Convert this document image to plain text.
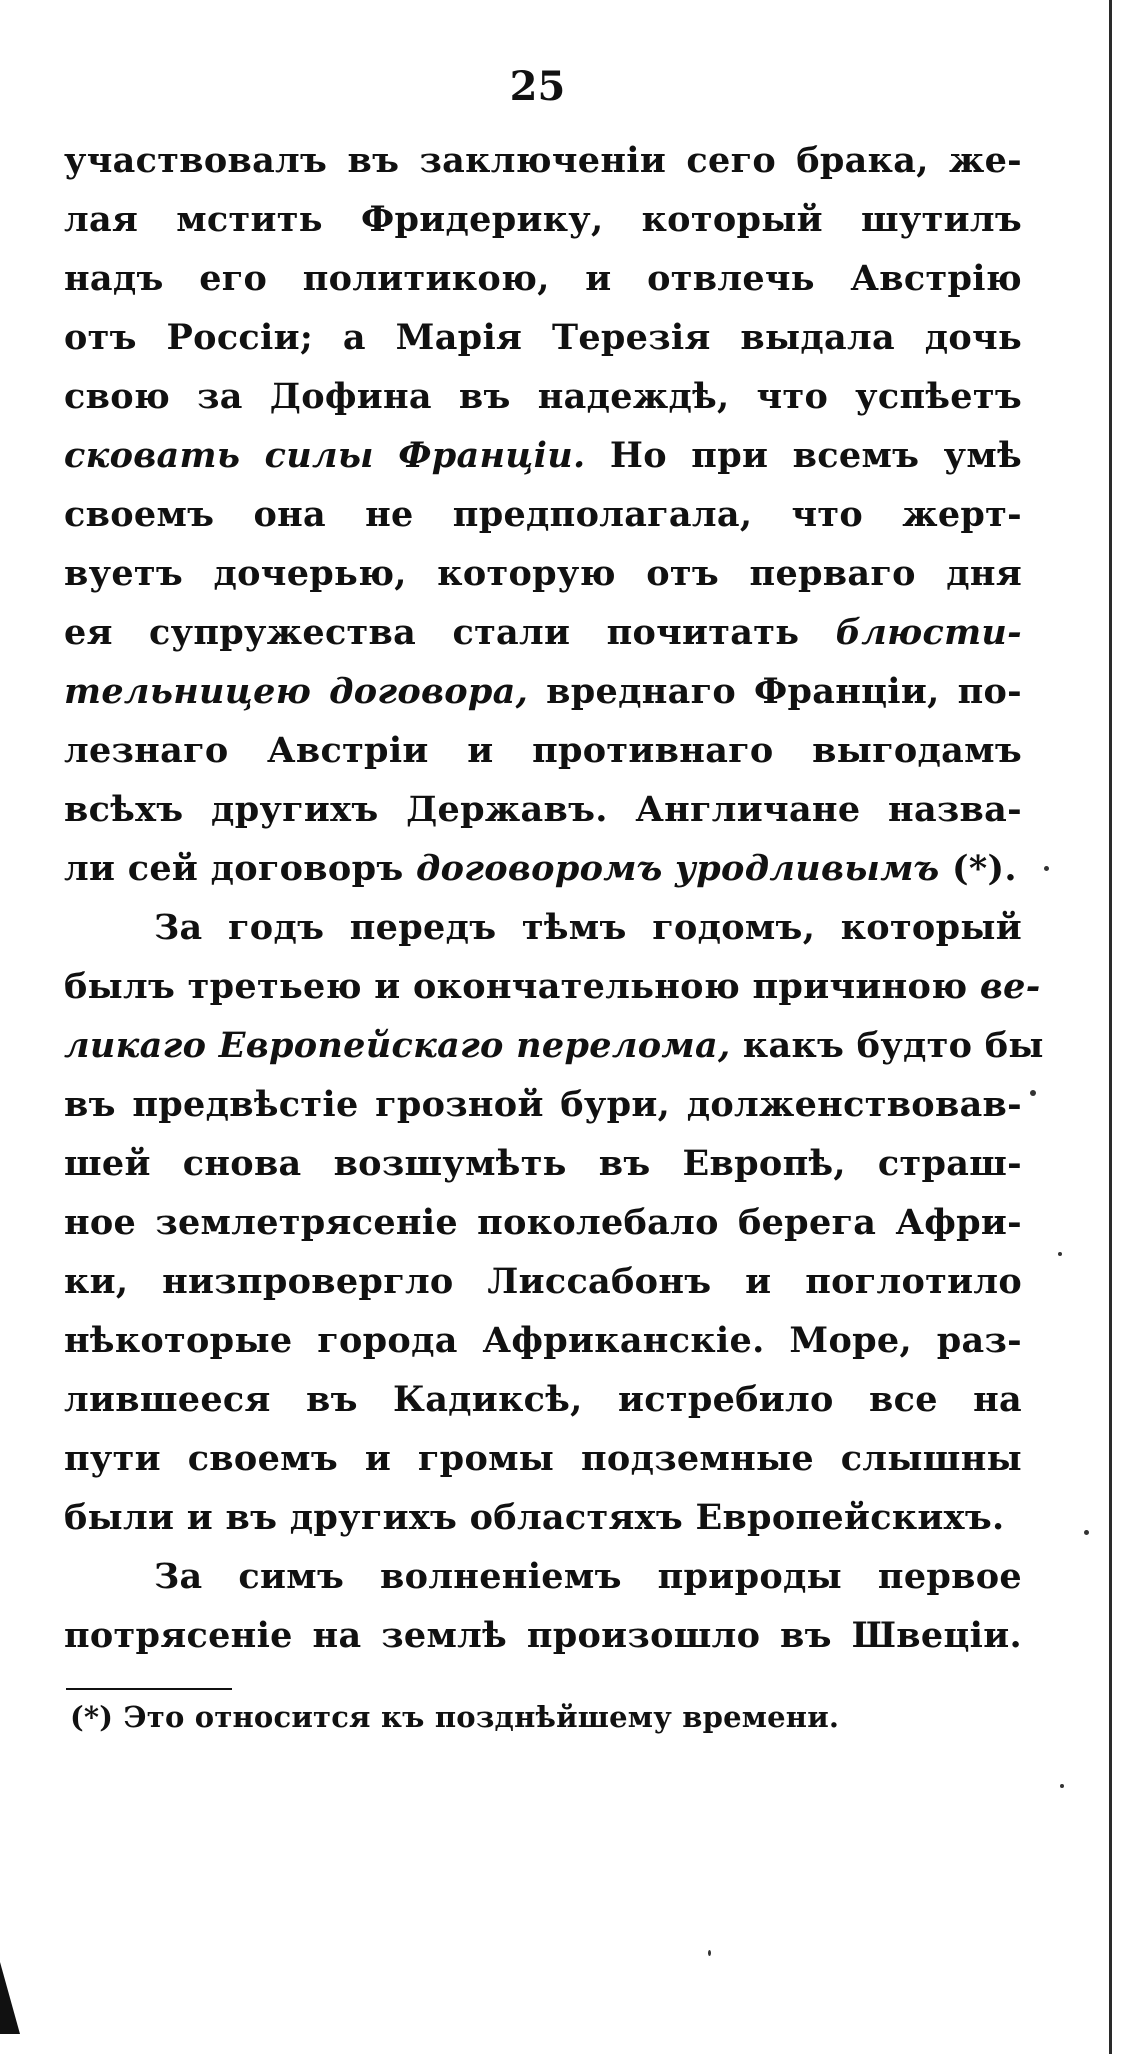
25
участвовалъ въ заключеніи сего брака, же-
лая мстить Фридерику, который шутилъ
надъ его политикою, и отвлечь Австрію
отъ Россіи; а Марія Терезія выдала дочь
свою за Дофина въ надеждѣ, что успѣетъ
сковать силы Франціи. Но при всемъ умѣ
своемъ она не предполагала, что жерт-
вуетъ дочерью, которую отъ перваго дня
ея супружества стали почитать блюсти-
тельницею договора, вреднаго Франціи, по-
лезнаго Австріи и противнаго выгодамъ
всѣхъ другихъ Державъ. Англичане назва-
ли сей договоръ договоромъ уродливымъ (*).
За годъ передъ тѣмъ годомъ, который
былъ третьею и окончательною причиною ве-
ликаго Европейскаго перелома, какъ будто бы
въ предвѣстіе грозной бури, долженствовав-
шей снова возшумѣть въ Европѣ, страш-
ное землетрясеніе поколебало берега Афри-
ки, низпровергло Лиссабонъ и поглотило
нѣкоторые города Африканскіе. Море, раз-
лившееся въ Кадиксѣ, истребило все на
пути своемъ и громы подземные слышны
были и въ другихъ областяхъ Европейскихъ.
За симъ волненіемъ природы первое
потрясеніе на землѣ произошло въ Швеціи.
(*) Это относится къ позднѣйшему времени.
